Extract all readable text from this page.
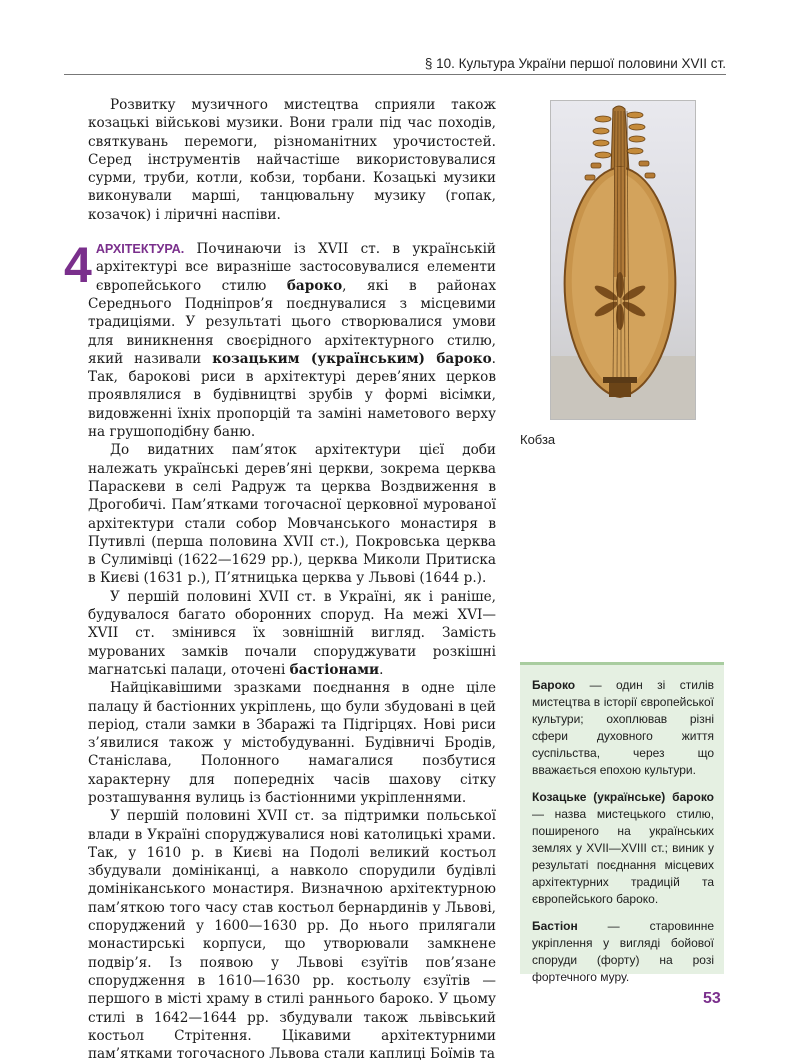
§ 10. Культура України першої половини XVII ст.

Розвитку музичного мистецтва сприяли також козацькі військові музики. Вони грали під час походів, святкувань перемоги, різноманітних урочистостей. Серед інструментів найчастіше використовувалися сурми, труби, котли, кобзи, торбани. Козацькі музики виконували марші, танцювальну музику (гопак, козачок) і ліричні наспіви.

4 АРХІТЕКТУРА. Починаючи із XVII ст. в українській архітектурі все виразніше застосовувалися елементи європейського стилю бароко, які в районах Середнього Подніпров’я поєднувалися з місцевими традиціями. У результаті цього створювалися умови для виникнення своєрідного архітектурного стилю, який називали козацьким (українським) бароко. Так, барокові риси в архітектурі дерев’яних церков проявлялися в будівництві зрубів у формі вісімки, видовженні їхніх пропорцій та заміні наметового верху на грушоподібну баню.

До видатних пам’яток архітектури цієї доби належать українські дерев’яні церкви, зокрема церква Параскеви в селі Радруж та церква Воздвиження в Дрогобичі. Пам’ятками тогочасної церковної мурованої архітектури стали собор Мовчанського монастиря в Путивлі (перша половина XVII ст.), Покровська церква в Сулимівці (1622—1629 рр.), церква Миколи Притиска в Києві (1631 р.), П’ятницька церква у Львові (1644 р.).

У першій половині XVII ст. в Україні, як і раніше, будувалося багато оборонних споруд. На межі XVI—XVII ст. змінився їх зовнішній вигляд. Замість мурованих замків почали споруджувати розкішні магнатські палаци, оточені бастіонами.

Найцікавішими зразками поєднання в одне ціле палацу й бастіонних укріплень, що були збудовані в цей період, стали замки в Збаражі та Підгірцях. Нові риси з’явилися також у містобудуванні. Будівничі Бродів, Станіслава, Полонного намагалися позбутися характерну для попередніх часів шахову сітку розташування вулиць із бастіонними укріпленнями.

У першій половині XVII ст. за підтримки польської влади в Україні споруджувалися нові католицькі храми. Так, у 1610 р. в Києві на Подолі великий костьол збудували домініканці, а навколо спорудили будівлі домініканського монастиря. Визначною архітектурною пам’яткою того часу став костьол бернардинів у Львові, споруджений у 1600—1630 рр. До нього прилягали монастирські корпуси, що утворювали замкнене подвір’я. Із появою у Львові єзуїтів пов’язане спорудження в 1610—1630 рр. костьолу єзуїтів — першого в місті храму в стилі раннього бароко. У цьому стилі в 1642—1644 рр. збудували також львівський костьол Стрітення. Цікавими архітектурними пам’ятками тогочасного Львова стали каплиці Боїмів та

Кобза
Бароко — один зі стилів мистецтва в історії європейської культури; охоплював різні сфери духовного життя суспільства, через що вважається епохою культури.
Козацьке (українське) бароко — назва мистецького стилю, поширеного на українських землях у XVII—XVIII ст.; виник у результаті поєднання місцевих архітектурних традицій та європейського бароко.
Бастіон — старовинне укріплення у вигляді бойової споруди (форту) на розі фортечного муру.
53
